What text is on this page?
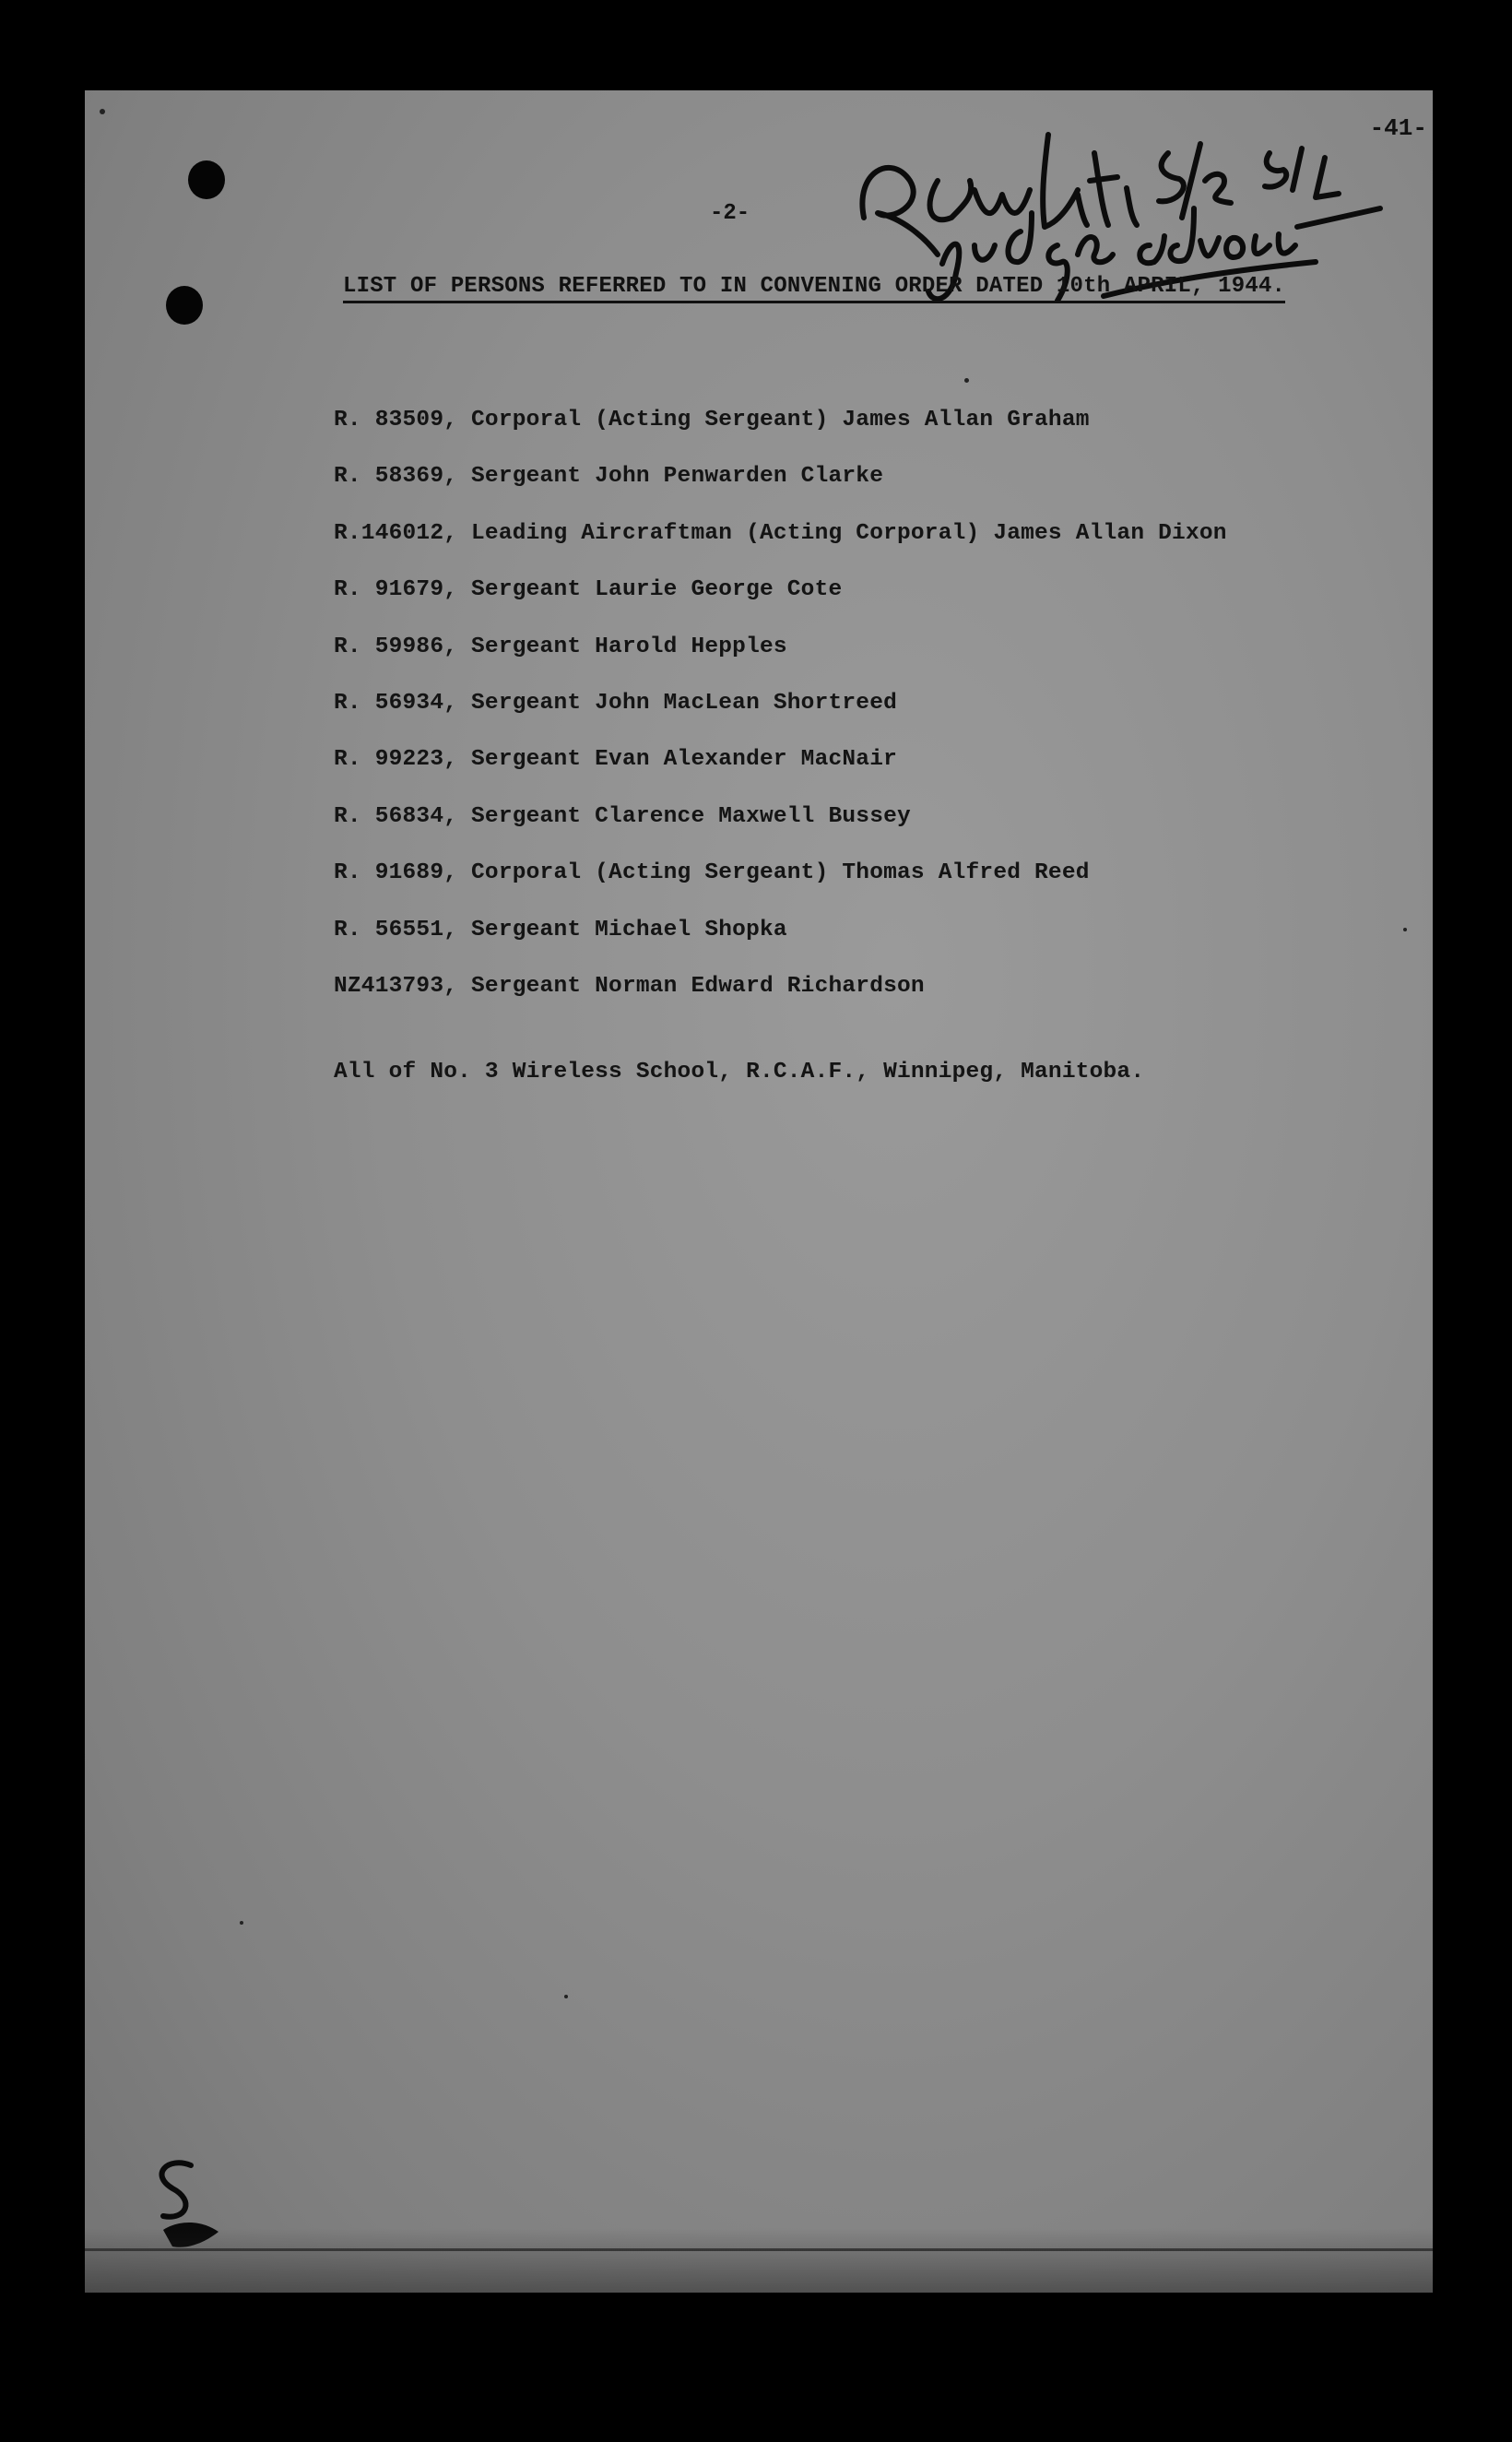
-2-
-41-
LIST OF PERSONS REFERRED TO IN CONVENING ORDER DATED 10th APRIL, 1944.
R. 83509, Corporal (Acting Sergeant) James Allan Graham
R. 58369, Sergeant John Penwarden Clarke
R.146012, Leading Aircraftman (Acting Corporal) James Allan Dixon
R. 91679, Sergeant Laurie George Cote
R. 59986, Sergeant Harold Hepples
R. 56934, Sergeant John MacLean Shortreed
R. 99223, Sergeant Evan Alexander MacNair
R. 56834, Sergeant Clarence Maxwell Bussey
R. 91689, Corporal (Acting Sergeant) Thomas Alfred Reed
R. 56551, Sergeant Michael Shopka
NZ413793, Sergeant Norman Edward Richardson
All of No. 3 Wireless School, R.C.A.F., Winnipeg, Manitoba.
